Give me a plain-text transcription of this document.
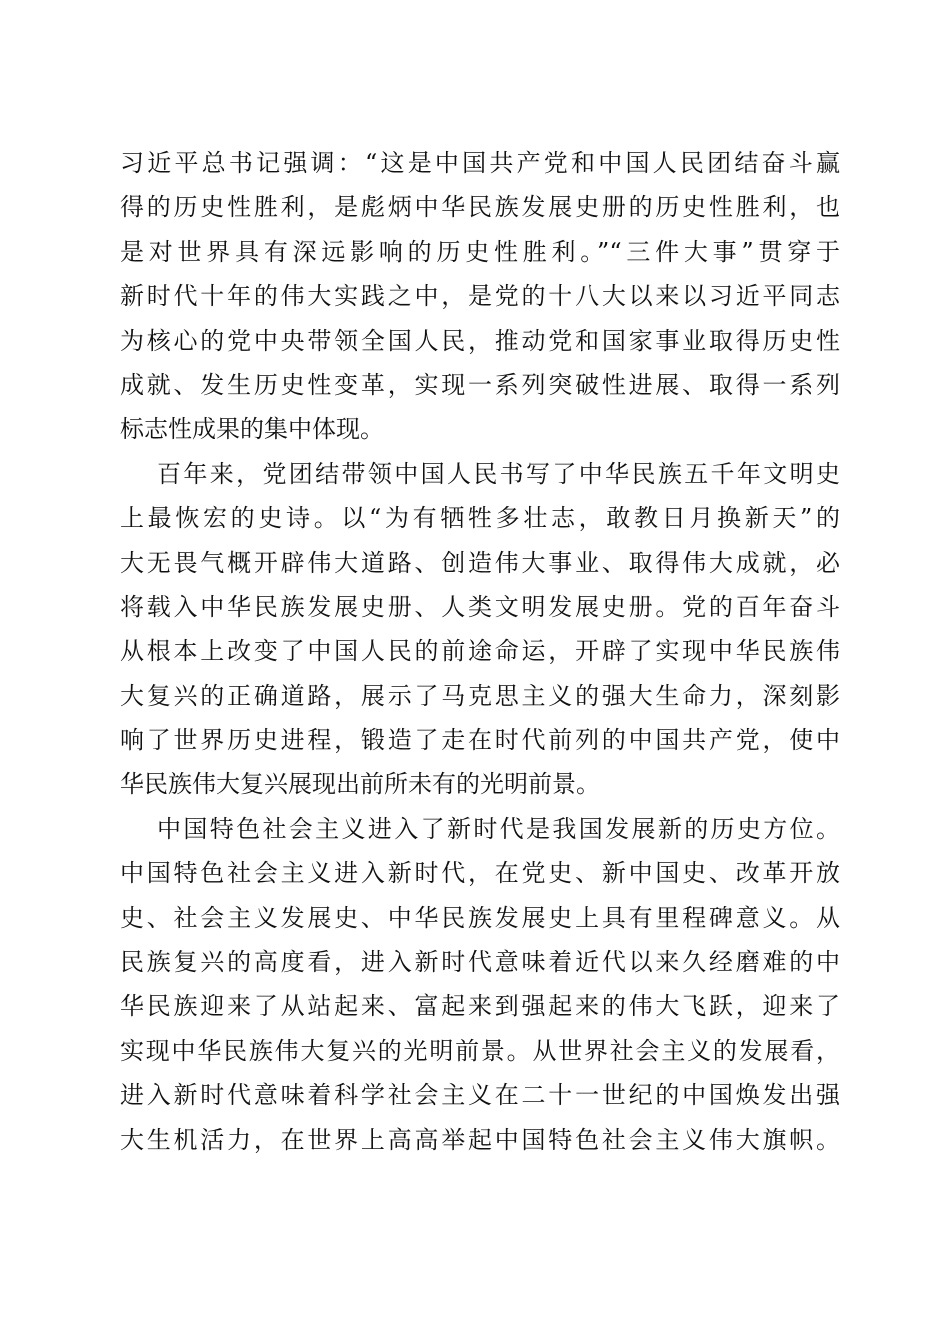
习近平总书记强调：“这是中国共产党和中国人民团结奋斗赢
得的历史性胜利，是彪炳中华民族发展史册的历史性胜利，也
是对世界具有深远影响的历史性胜利。”“三件大事”贯穿于
新时代十年的伟大实践之中，是党的十八大以来以习近平同志
为核心的党中央带领全国人民，推动党和国家事业取得历史性
成就、发生历史性变革，实现一系列突破性进展、取得一系列
标志性成果的集中体现。
百年来，党团结带领中国人民书写了中华民族五千年文明史
上最恢宏的史诗。以“为有牺牲多壮志，敢教日月换新天”的
大无畏气概开辟伟大道路、创造伟大事业、取得伟大成就，必
将载入中华民族发展史册、人类文明发展史册。党的百年奋斗
从根本上改变了中国人民的前途命运，开辟了实现中华民族伟
大复兴的正确道路，展示了马克思主义的强大生命力，深刻影
响了世界历史进程，锻造了走在时代前列的中国共产党，使中
华民族伟大复兴展现出前所未有的光明前景。
中国特色社会主义进入了新时代是我国发展新的历史方位。
中国特色社会主义进入新时代，在党史、新中国史、改革开放
史、社会主义发展史、中华民族发展史上具有里程碑意义。从
民族复兴的高度看，进入新时代意味着近代以来久经磨难的中
华民族迎来了从站起来、富起来到强起来的伟大飞跃，迎来了
实现中华民族伟大复兴的光明前景。从世界社会主义的发展看，
进入新时代意味着科学社会主义在二十一世纪的中国焕发出强
大生机活力，在世界上高高举起中国特色社会主义伟大旗帜。
